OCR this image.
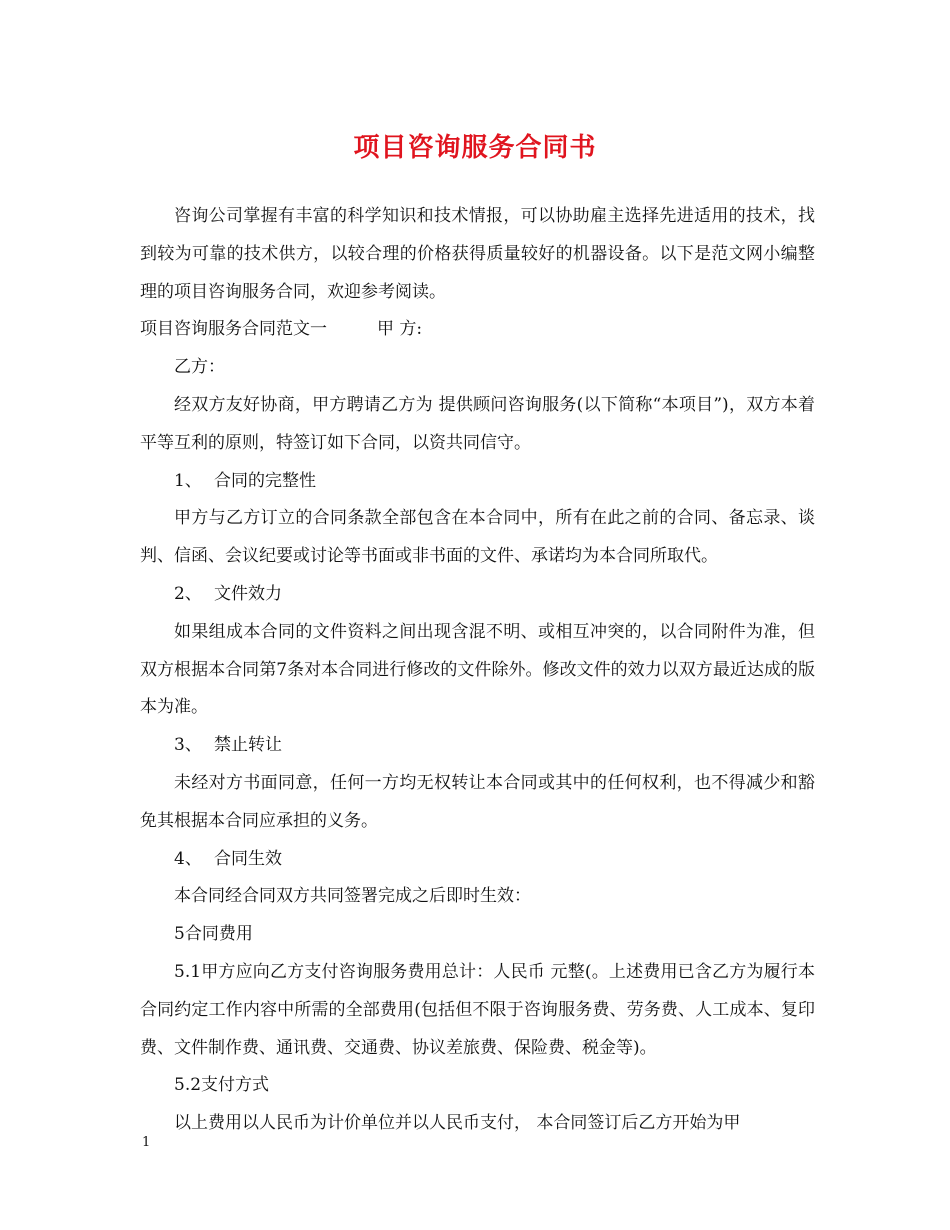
项目咨询服务合同书

咨询公司掌握有丰富的科学知识和技术情报，可以协助雇主选择先进适用的技术，找到较为可靠的技术供方，以较合理的价格获得质量较好的机器设备。以下是范文网小编整理的项目咨询服务合同，欢迎参考阅读。

项目咨询服务合同范文一	甲 方:

乙方：

经双方友好协商，甲方聘请乙方为 提供顾问咨询服务(以下简称“本项目”)，双方本着平等互利的原则，特签订如下合同，以资共同信守。

1、 合同的完整性

甲方与乙方订立的合同条款全部包含在本合同中，所有在此之前的合同、备忘录、谈判、信函、会议纪要或讨论等书面或非书面的文件、承诺均为本合同所取代。

2、 文件效力

如果组成本合同的文件资料之间出现含混不明、或相互冲突的，以合同附件为准，但双方根据本合同第7条对本合同进行修改的文件除外。修改文件的效力以双方最近达成的版本为准。

3、 禁止转让

未经对方书面同意，任何一方均无权转让本合同或其中的任何权利，也不得减少和豁免其根据本合同应承担的义务。

4、 合同生效

本合同经合同双方共同签署完成之后即时生效：

5合同费用

5.1甲方应向乙方支付咨询服务费用总计：人民币 元整(。上述费用已含乙方为履行本合同约定工作内容中所需的全部费用(包括但不限于咨询服务费、劳务费、人工成本、复印费、文件制作费、通讯费、交通费、协议差旅费、保险费、税金等)。

5.2支付方式

以上费用以人民币为计价单位并以人民币支付， 本合同签订后乙方开始为甲

1
